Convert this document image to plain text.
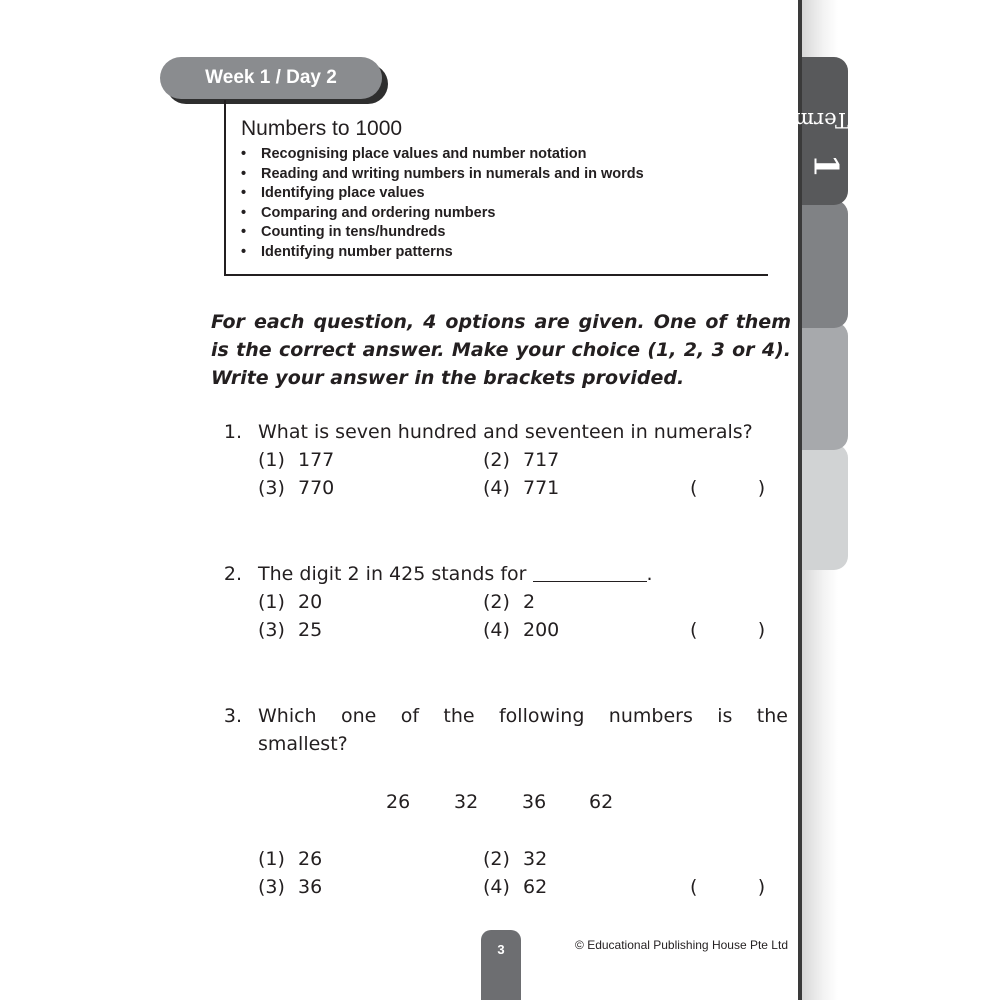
Term 1
Week 1 / Day 2
Numbers to 1000
• Recognising place values and number notation
• Reading and writing numbers in numerals and in words
• Identifying place values
• Comparing and ordering numbers
• Counting in tens/hundreds
• Identifying number patterns

For each question, 4 options are given. One of them is the correct answer. Make your choice (1, 2, 3 or 4). Write your answer in the brackets provided.

1. What is seven hundred and seventeen in numerals?
(1) 177	(2) 717
(3) 770	(4) 771	(          )
2. The digit 2 in 425 stands for	.
(1) 20	(2) 2
(3) 25	(4) 200	(          )
3. Which one of the following numbers is the
smallest?
26 32 36 62
(1) 26	(2) 32
(3) 36	(4) 62	(          )
3	© Educational Publishing House Pte Ltd
